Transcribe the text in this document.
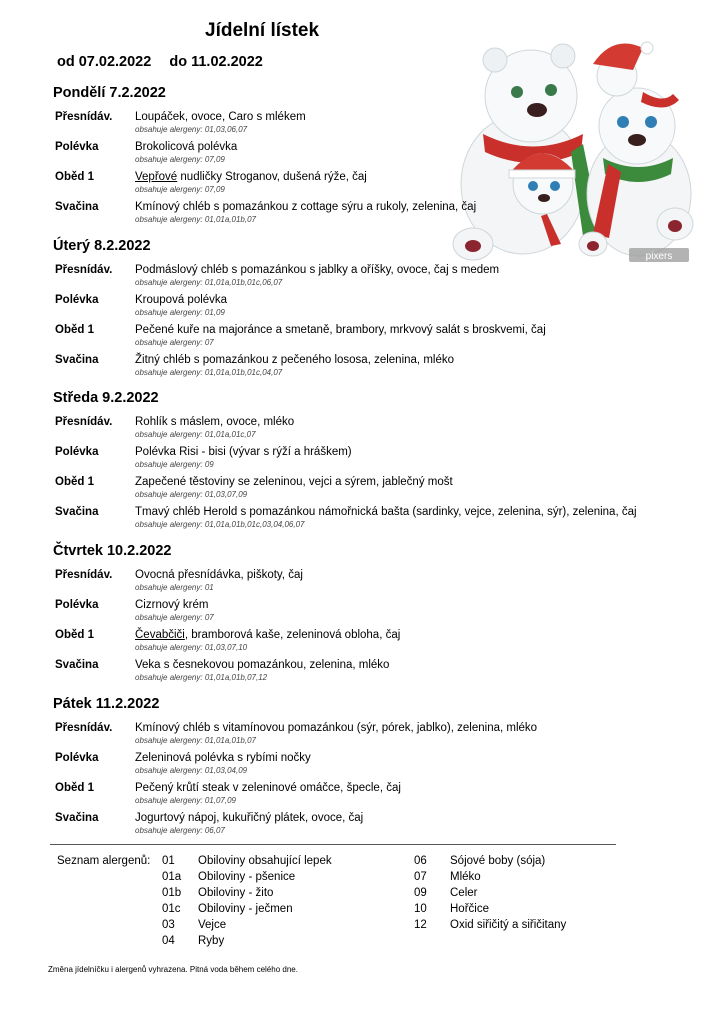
Jídelní lístek
od 07.02.2022 do 11.02.2022
pixers
Pondělí 7.2.2022
Přesnídáv. Loupáček, ovoce, Caro s mlékem
obsahuje alergeny: 01,03,06,07
Polévka	Brokolicová polévka
obsahuje alergeny: 07,09
Oběd 1	Vepřové nudličky Stroganov, dušená rýže, čaj
obsahuje alergeny: 07,09
Svačina	Kmínový chléb s pomazánkou z cottage sýru a rukoly, zelenina, čaj
obsahuje alergeny: 01,01a,01b,07
Úterý 8.2.2022
Přesnídáv. Podmáslový chléb s pomazánkou s jablky a oříšky, ovoce, čaj s medem
obsahuje alergeny: 01,01a,01b,01c,06,07
Polévka	Kroupová polévka
obsahuje alergeny: 01,09
Oběd 1	Pečené kuře na majoránce a smetaně, brambory, mrkvový salát s broskvemi, čaj
obsahuje alergeny: 07
Svačina	Žitný chléb s pomazánkou z pečeného lososa, zelenina, mléko
obsahuje alergeny: 01,01a,01b,01c,04,07
Středa 9.2.2022
Přesnídáv. Rohlík s máslem, ovoce, mléko
obsahuje alergeny: 01,01a,01c,07
Polévka	Polévka Risi - bisi (vývar s rýží a hráškem)
obsahuje alergeny: 09
Oběd 1	Zapečené těstoviny se zeleninou, vejci a sýrem, jablečný mošt
obsahuje alergeny: 01,03,07,09
Svačina	Tmavý chléb Herold s pomazánkou námořnická bašta (sardinky, vejce, zelenina, sýr), zelenina, čaj
obsahuje alergeny: 01,01a,01b,01c,03,04,06,07
Čtvrtek 10.2.2022
Přesnídáv. Ovocná přesnídávka, piškoty, čaj
obsahuje alergeny: 01
Polévka	Cizrnový krém
obsahuje alergeny: 07
Oběd 1	Čevabčiči, bramborová kaše, zeleninová obloha, čaj
obsahuje alergeny: 01,03,07,10
Svačina	Veka s česnekovou pomazánkou, zelenina, mléko
obsahuje alergeny: 01,01a,01b,07,12
Pátek 11.2.2022
Přesnídáv. Kmínový chléb s vitamínovou pomazánkou (sýr, pórek, jablko), zelenina, mléko
obsahuje alergeny: 01,01a,01b,07
Polévka	Zeleninová polévka s rybími nočky
obsahuje alergeny: 01,03,04,09
Oběd 1	Pečený krůtí steak v zeleninové omáčce, špecle, čaj
obsahuje alergeny: 01,07,09
Svačina	Jogurtový nápoj, kukuřičný plátek, ovoce, čaj
obsahuje alergeny: 06,07
Seznam alergenů: 01 Obiloviny obsahující lepek
01a Obiloviny - pšenice
01b Obiloviny - žito
01c Obiloviny - ječmen
03 Vejce
04 Ryby
06 Sójové boby (sója)
07 Mléko
09 Celer
10 Hořčice
12 Oxid siřičitý a siřičitany
Změna jídelníčku i alergenů vyhrazena. Pitná voda během celého dne.
